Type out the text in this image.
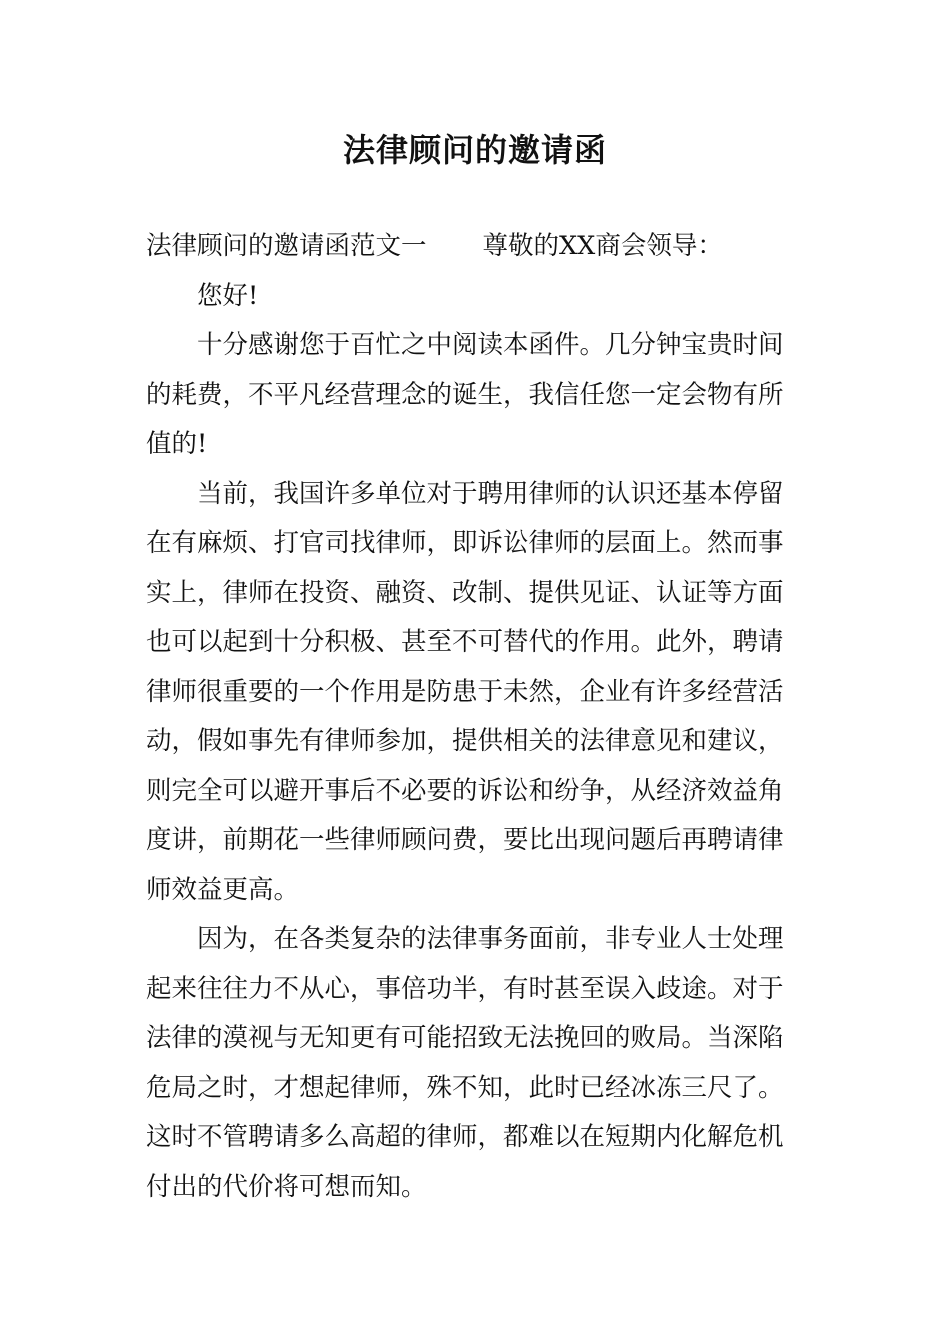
法律顾问的邀请函
法律顾问的邀请函范文一 尊敬的XX商会领导：
您好!
十分感谢您于百忙之中阅读本函件。几分钟宝贵时间
的耗费，不平凡经营理念的诞生，我信任您一定会物有所
值的!
当前，我国许多单位对于聘用律师的认识还基本停留
在有麻烦、打官司找律师，即诉讼律师的层面上。然而事
实上，律师在投资、融资、改制、提供见证、认证等方面
也可以起到十分积极、甚至不可替代的作用。此外，聘请
律师很重要的一个作用是防患于未然，企业有许多经营活
动，假如事先有律师参加，提供相关的法律意见和建议，
则完全可以避开事后不必要的诉讼和纷争，从经济效益角
度讲，前期花一些律师顾问费，要比出现问题后再聘请律
师效益更高。
因为，在各类复杂的法律事务面前，非专业人士处理
起来往往力不从心，事倍功半，有时甚至误入歧途。对于
法律的漠视与无知更有可能招致无法挽回的败局。当深陷
危局之时，才想起律师，殊不知，此时已经冰冻三尺了。
这时不管聘请多么高超的律师，都难以在短期内化解危机
付出的代价将可想而知。
